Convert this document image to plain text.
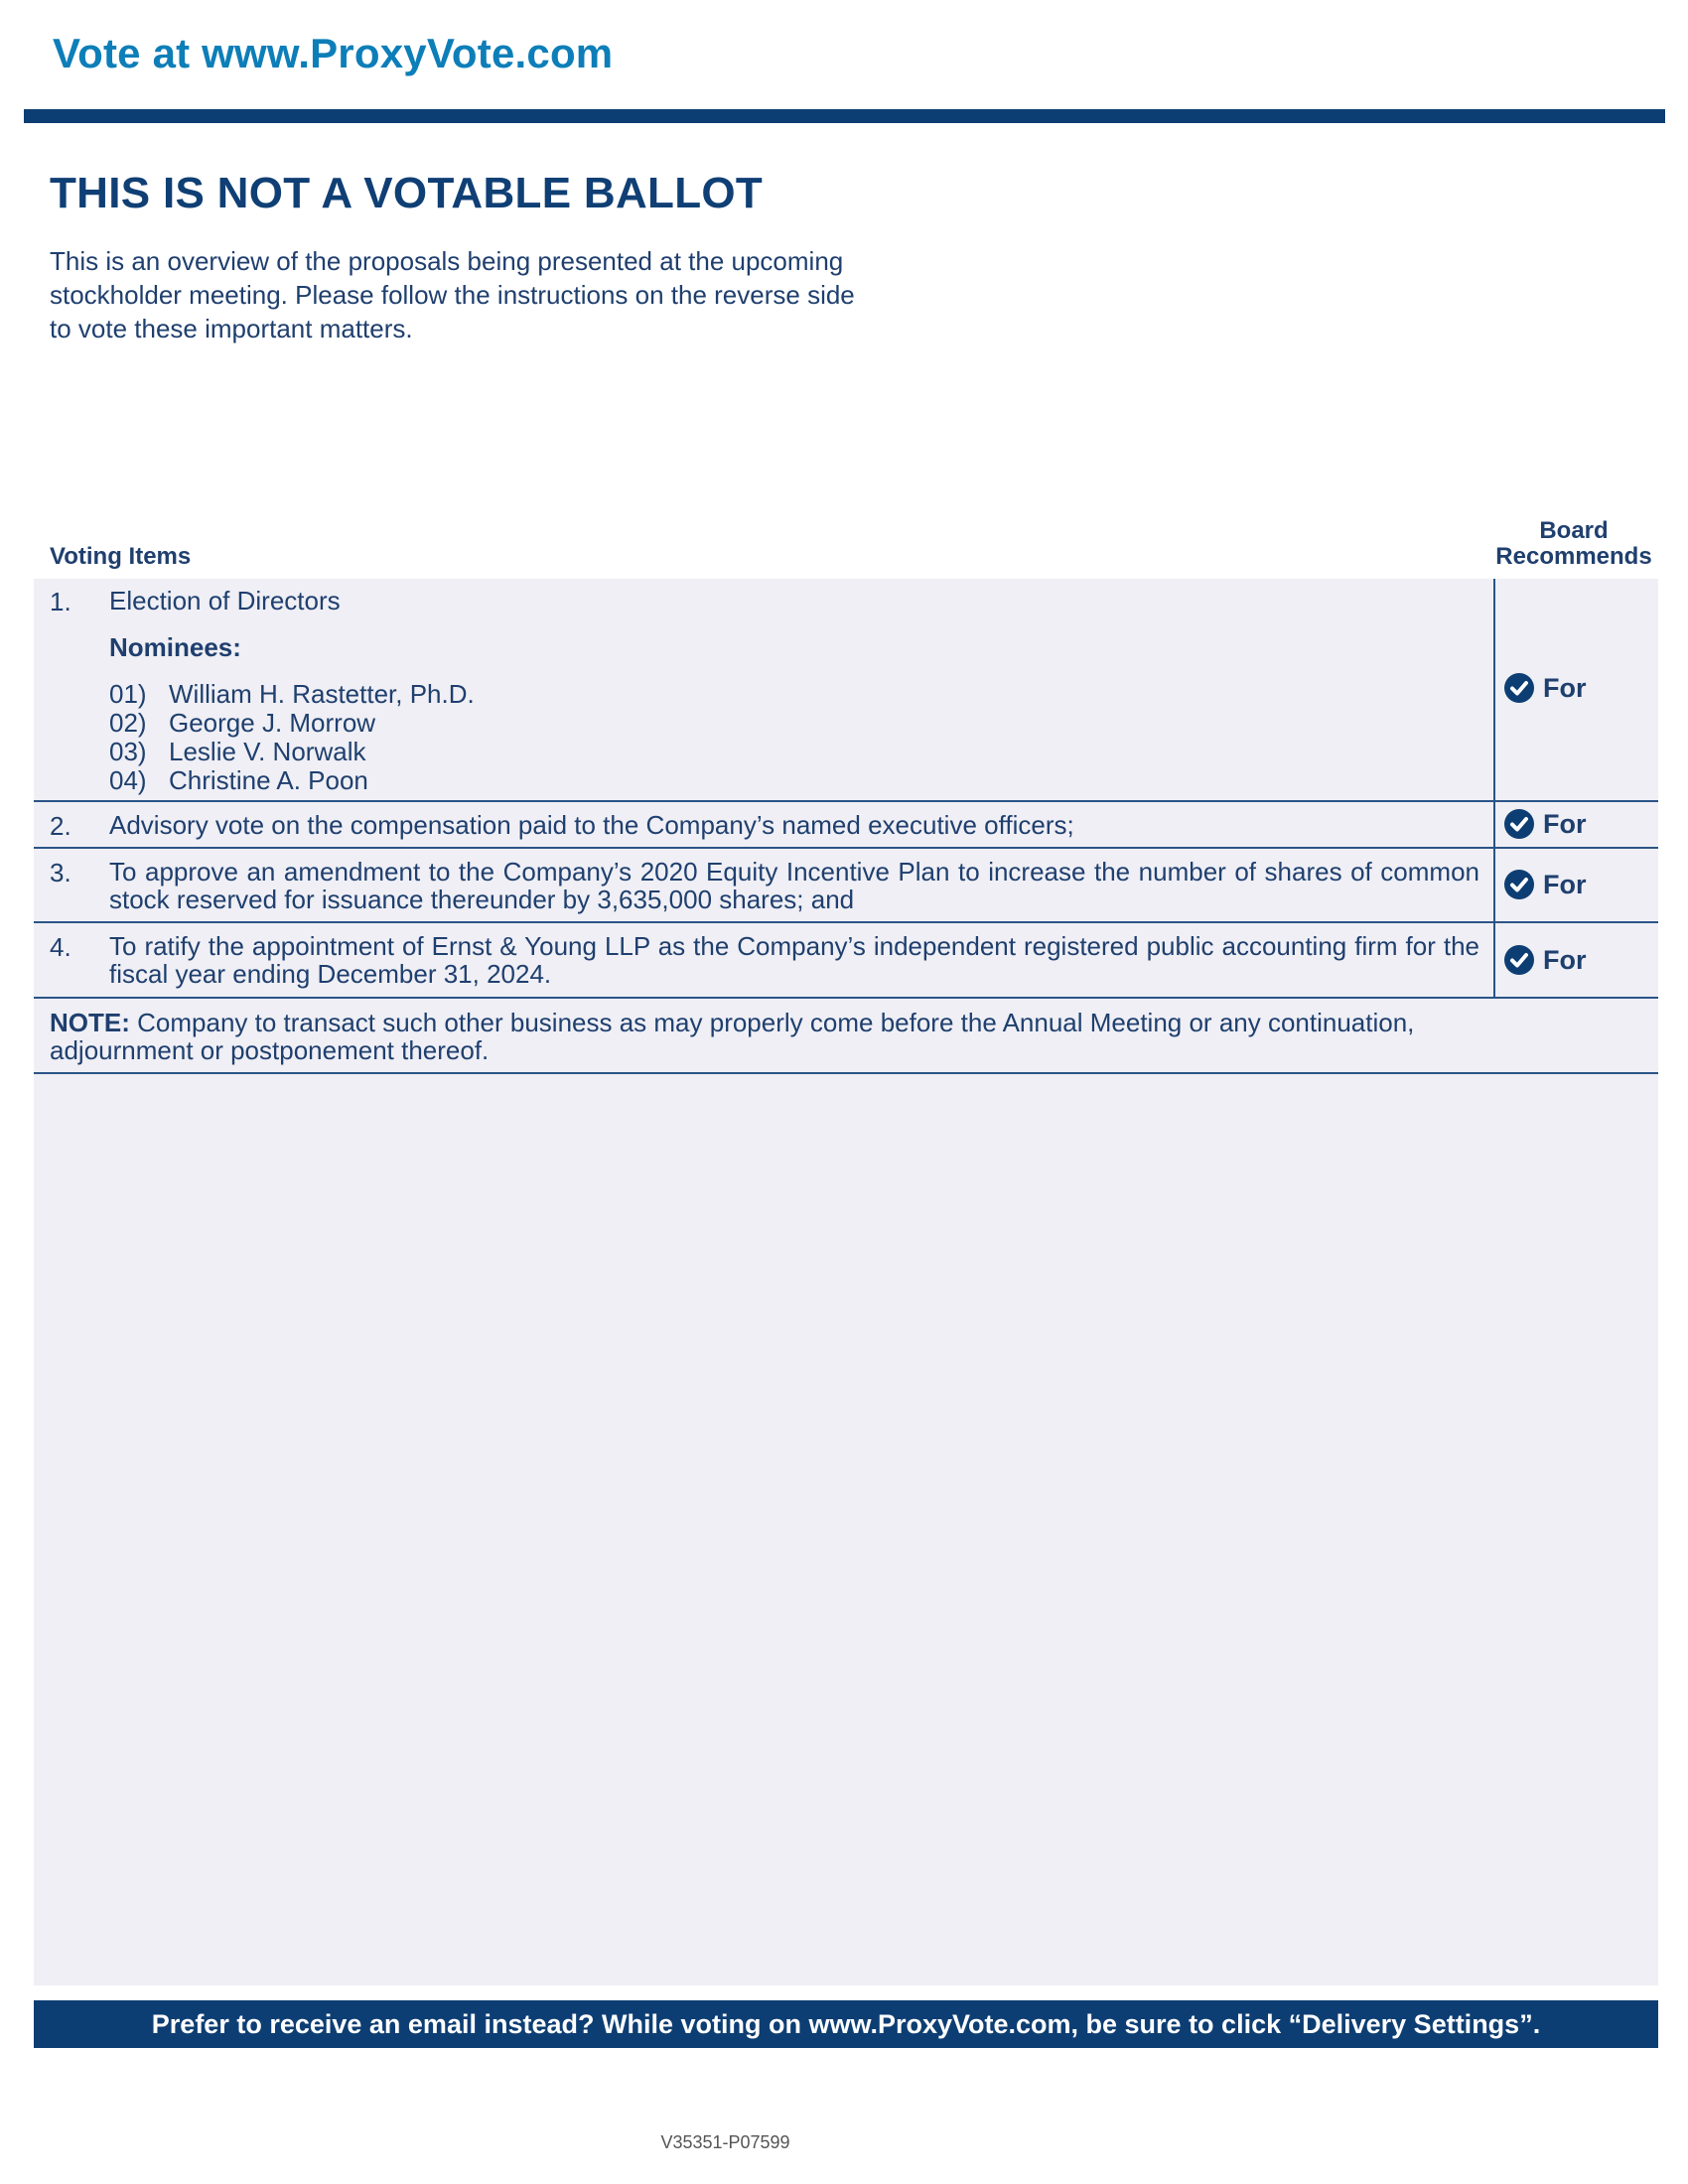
Vote at www.ProxyVote.com
THIS IS NOT A VOTABLE BALLOT
This is an overview of the proposals being presented at the upcoming stockholder meeting. Please follow the instructions on the reverse side to vote these important matters.
Voting Items
Board
Recommends
1. Election of Directors
Nominees:
01) William H. Rastetter, Ph.D.
02) George J. Morrow
03) Leslie V. Norwalk
04) Christine A. Poon
For
2. Advisory vote on the compensation paid to the Company’s named executive officers;	For
3. To approve an amendment to the Company’s 2020 Equity Incentive Plan to increase the number of shares of common stock reserved for issuance thereunder by 3,635,000 shares; and
For
4. To ratify the appointment of Ernst & Young LLP as the Company’s independent registered public accounting firm for the fiscal year ending December 31, 2024.	For
NOTE: Company to transact such other business as may properly come before the Annual Meeting or any continuation, adjournment or postponement thereof.
Prefer to receive an email instead? While voting on www.ProxyVote.com, be sure to click “Delivery Settings”.
V35351-P07599
